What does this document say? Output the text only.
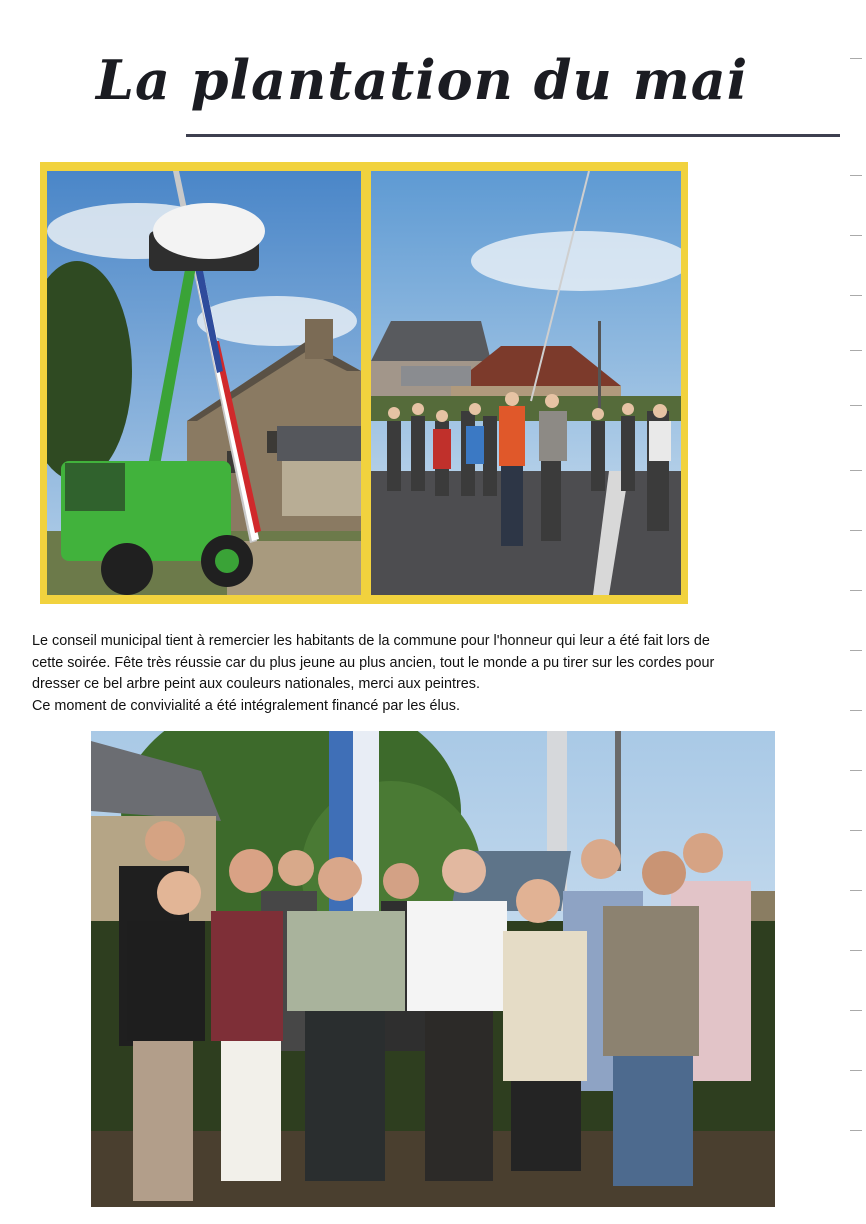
La plantation du mai

Le conseil municipal tient à remercier les habitants de la commune pour l'honneur qui leur a été fait lors de

cette soirée. Fête très réussie car du plus jeune au plus ancien, tout le monde a pu tirer sur les cordes pour

dresser ce bel arbre peint aux couleurs nationales, merci aux peintres.

Ce moment de convivialité a été intégralement financé par les élus.
